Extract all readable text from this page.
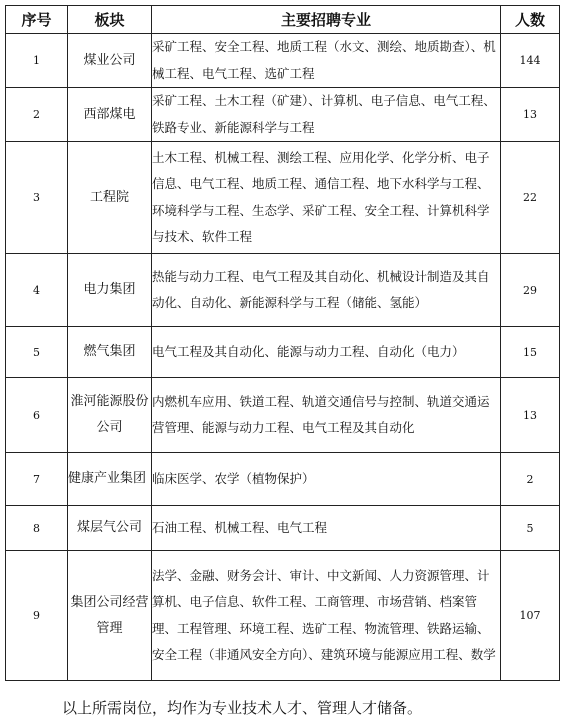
序号	板块	主要招聘专业	人数
1	煤业公司	采矿工程、安全工程、地质工程（水文、测绘、地质勘查）、机械工程、电气工程、选矿工程	144
2	西部煤电	采矿工程、土木工程（矿建）、计算机、电子信息、电气工程、铁路专业、新能源科学与工程	13
3	工程院	土木工程、机械工程、测绘工程、应用化学、化学分析、电子信息、电气工程、地质工程、通信工程、地下水科学与工程、环境科学与工程、生态学、采矿工程、安全工程、计算机科学与技术、软件工程	22
4	电力集团	热能与动力工程、电气工程及其自动化、机械设计制造及其自动化、自动化、新能源科学与工程（储能、氢能）	29
5	燃气集团	电气工程及其自动化、能源与动力工程、自动化（电力）	15
6	淮河能源股份公司	内燃机车应用、铁道工程、轨道交通信号与控制、轨道交通运营管理、能源与动力工程、电气工程及其自动化	13
7	健康产业集团	临床医学、农学（植物保护）	2
8	煤层气公司	石油工程、机械工程、电气工程	5
9	集团公司经营管理	法学、金融、财务会计、审计、中文新闻、人力资源管理、计算机、电子信息、软件工程、工商管理、市场营销、档案管理、工程管理、环境工程、选矿工程、物流管理、铁路运输、安全工程（非通风安全方向）、建筑环境与能源应用工程、数学	107
以上所需岗位，均作为专业技术人才、管理人才储备。
